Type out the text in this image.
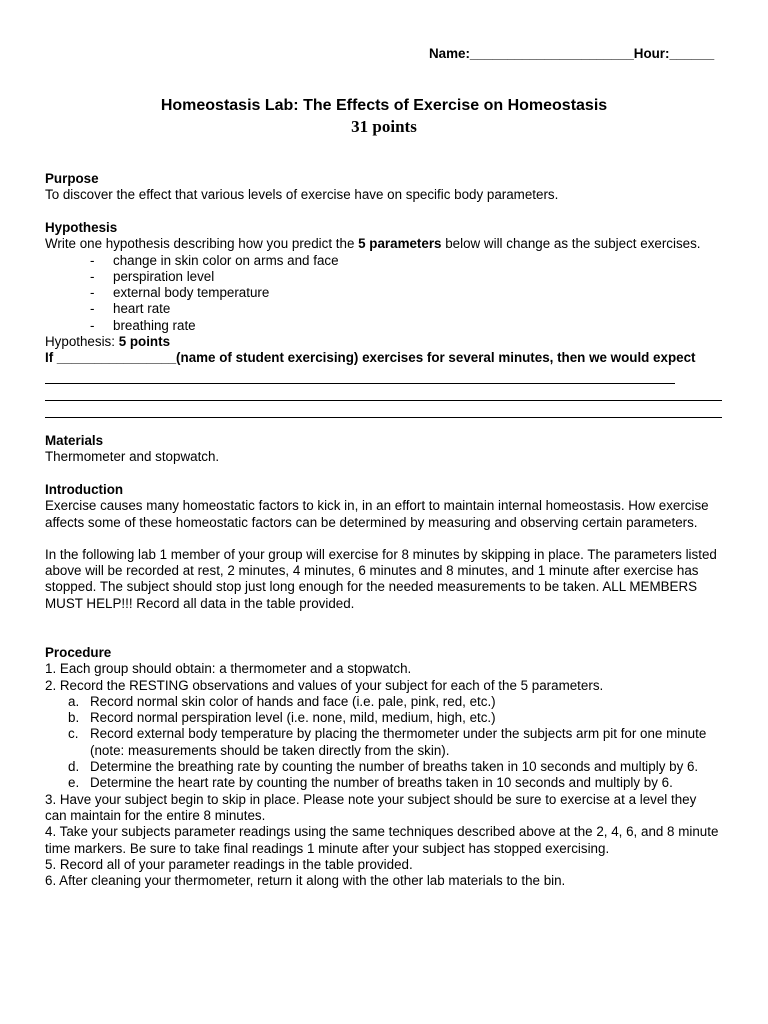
Name:______________________Hour:______
Homeostasis Lab: The Effects of Exercise on Homeostasis
31 points
Purpose
To discover the effect that various levels of exercise have on specific body parameters.
Hypothesis
Write one hypothesis describing how you predict the 5 parameters below will change as the subject exercises.
- change in skin color on arms and face
- perspiration level
- external body temperature
- heart rate
- breathing rate
Hypothesis: 5 points
If ________________(name of student exercising) exercises for several minutes, then we would expect
Materials
Thermometer and stopwatch.
Introduction
Exercise causes many homeostatic factors to kick in, in an effort to maintain internal homeostasis. How exercise affects some of these homeostatic factors can be determined by measuring and observing certain parameters.
In the following lab 1 member of your group will exercise for 8 minutes by skipping in place. The parameters listed above will be recorded at rest, 2 minutes, 4 minutes, 6 minutes and 8 minutes, and 1 minute after exercise has stopped. The subject should stop just long enough for the needed measurements to be taken. ALL MEMBERS MUST HELP!!! Record all data in the table provided.
Procedure
1. Each group should obtain: a thermometer and a stopwatch.
2. Record the RESTING observations and values of your subject for each of the 5 parameters.
a. Record normal skin color of hands and face (i.e. pale, pink, red, etc.)
b. Record normal perspiration level (i.e. none, mild, medium, high, etc.)
c. Record external body temperature by placing the thermometer under the subjects arm pit for one minute (note: measurements should be taken directly from the skin).
d. Determine the breathing rate by counting the number of breaths taken in 10 seconds and multiply by 6.
e. Determine the heart rate by counting the number of breaths taken in 10 seconds and multiply by 6.
3. Have your subject begin to skip in place. Please note your subject should be sure to exercise at a level they can maintain for the entire 8 minutes.
4. Take your subjects parameter readings using the same techniques described above at the 2, 4, 6, and 8 minute time markers. Be sure to take final readings 1 minute after your subject has stopped exercising.
5. Record all of your parameter readings in the table provided.
6. After cleaning your thermometer, return it along with the other lab materials to the bin.
